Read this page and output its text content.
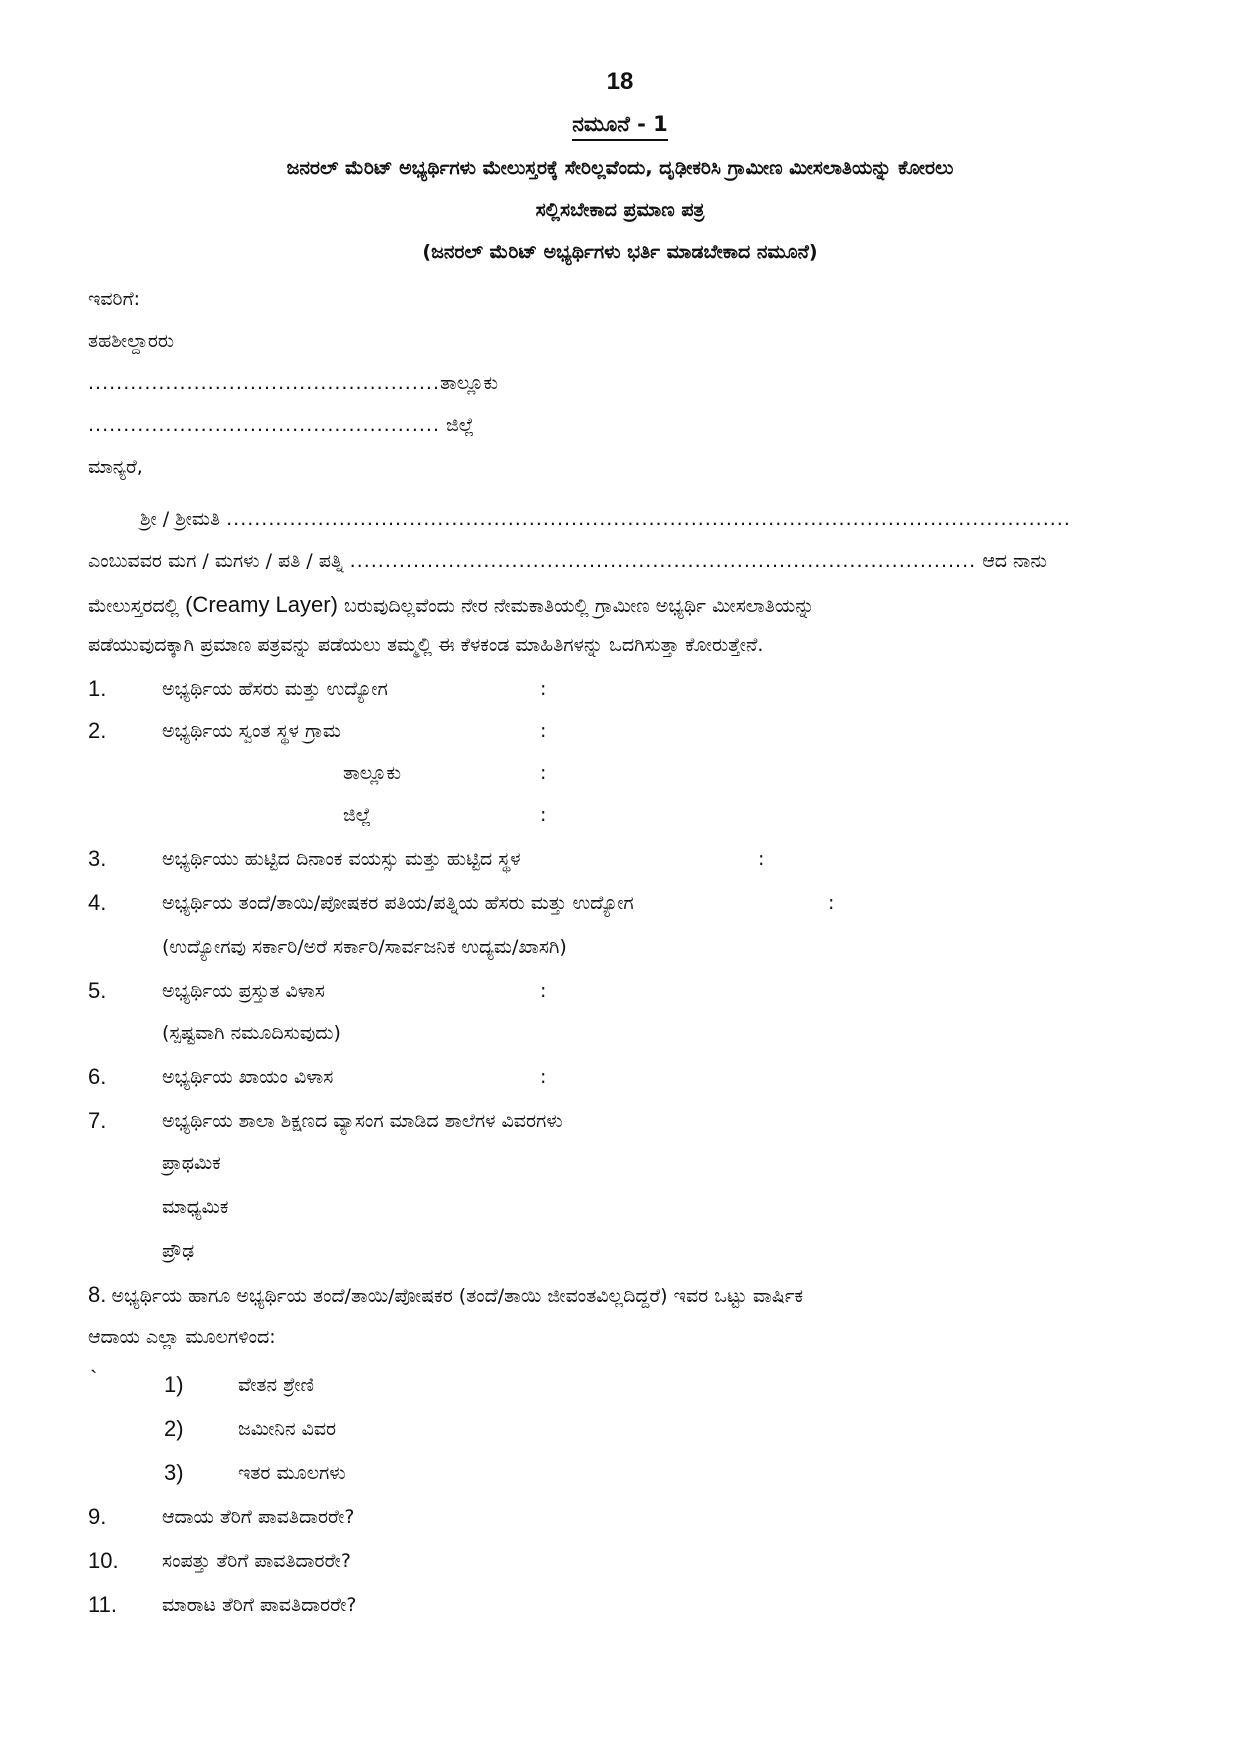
18
ನಮೂನೆ - 1
ಜನರಲ್ ಮೆರಿಟ್ ಅಭ್ಯರ್ಥಿಗಳು ಮೇಲುಸ್ತರಕ್ಕೆ ಸೇರಿಲ್ಲವೆಂದು, ದೃಢೀಕರಿಸಿ ಗ್ರಾಮೀಣ ಮೀಸಲಾತಿಯನ್ನು ಕೋರಲು
ಸಲ್ಲಿಸಬೇಕಾದ ಪ್ರಮಾಣ ಪತ್ರ
(ಜನರಲ್ ಮೆರಿಟ್ ಅಭ್ಯರ್ಥಿಗಳು ಭರ್ತಿ ಮಾಡಬೇಕಾದ ನಮೂನೆ)
ಇವರಿಗೆ:
ತಹಶೀಲ್ದಾರರು
..................................................ತಾಲ್ಲೂಕು
.................................................. ಜಿಲ್ಲೆ
ಮಾನ್ಯರೆ,
ಶ್ರೀ / ಶ್ರೀಮತಿ ........................................................................................................................
ಎಂಬುವವರ ಮಗ / ಮಗಳು / ಪತಿ / ಪತ್ನಿ ......................................................................................... ಆದ ನಾನು
ಮೇಲುಸ್ತರದಲ್ಲಿ (Creamy Layer) ಬರುವುದಿಲ್ಲವೆಂದು ನೇರ ನೇಮಕಾತಿಯಲ್ಲಿ ಗ್ರಾಮೀಣ ಅಭ್ಯರ್ಥಿ ಮೀಸಲಾತಿಯನ್ನು
ಪಡೆಯುವುದಕ್ಕಾಗಿ ಪ್ರಮಾಣ ಪತ್ರವನ್ನು ಪಡೆಯಲು ತಮ್ಮಲ್ಲಿ ಈ ಕೆಳಕಂಡ ಮಾಹಿತಿಗಳನ್ನು ಒದಗಿಸುತ್ತಾ ಕೋರುತ್ತೇನೆ.
1.	ಅಭ್ಯರ್ಥಿಯ ಹೆಸರು ಮತ್ತು ಉದ್ಯೋಗ	:
2.	ಅಭ್ಯರ್ಥಿಯ ಸ್ವಂತ ಸ್ಥಳ ಗ್ರಾಮ	:
ತಾಲ್ಲೂಕು	:
ಜಿಲ್ಲೆ	:
3.	ಅಭ್ಯರ್ಥಿಯು ಹುಟ್ಟಿದ ದಿನಾಂಕ ವಯಸ್ಸು ಮತ್ತು ಹುಟ್ಟಿದ ಸ್ಥಳ	:
4.	ಅಭ್ಯರ್ಥಿಯ ತಂದೆ/ತಾಯಿ/ಪೋಷಕರ ಪತಿಯ/ಪತ್ನಿಯ ಹೆಸರು ಮತ್ತು ಉದ್ಯೋಗ	:
(ಉದ್ಯೋಗವು ಸರ್ಕಾರಿ/ಅರೆ ಸರ್ಕಾರಿ/ಸಾರ್ವಜನಿಕ ಉದ್ಯಮ/ಖಾಸಗಿ)
5.	ಅಭ್ಯರ್ಥಿಯ ಪ್ರಸ್ತುತ ವಿಳಾಸ	:
(ಸ್ಪಷ್ಟವಾಗಿ ನಮೂದಿಸುವುದು)
6.	ಅಭ್ಯರ್ಥಿಯ ಖಾಯಂ ವಿಳಾಸ	:
7.	ಅಭ್ಯರ್ಥಿಯ ಶಾಲಾ ಶಿಕ್ಷಣದ ವ್ಯಾಸಂಗ ಮಾಡಿದ ಶಾಲೆಗಳ ವಿವರಗಳು
ಪ್ರಾಥಮಿಕ
ಮಾಧ್ಯಮಿಕ
ಪ್ರೌಢ
8. ಅಭ್ಯರ್ಥಿಯ ಹಾಗೂ ಅಭ್ಯರ್ಥಿಯ ತಂದೆ/ತಾಯಿ/ಪೋಷಕರ (ತಂದೆ/ತಾಯಿ ಜೀವಂತವಿಲ್ಲದಿದ್ದರೆ) ಇವರ ಒಟ್ಟು ವಾರ್ಷಿಕ
ಆದಾಯ ಎಲ್ಲಾ ಮೂಲಗಳಿಂದ:
`	1)	ವೇತನ ಶ್ರೇಣಿ
2)	ಜಮೀನಿನ ವಿವರ
3)	ಇತರ ಮೂಲಗಳು
9.	ಆದಾಯ ತೆರಿಗೆ ಪಾವತಿದಾರರೇ?
10. ಸಂಪತ್ತು ತೆರಿಗೆ ಪಾವತಿದಾರರೇ?
11. ಮಾರಾಟ ತೆರಿಗೆ ಪಾವತಿದಾರರೇ?
